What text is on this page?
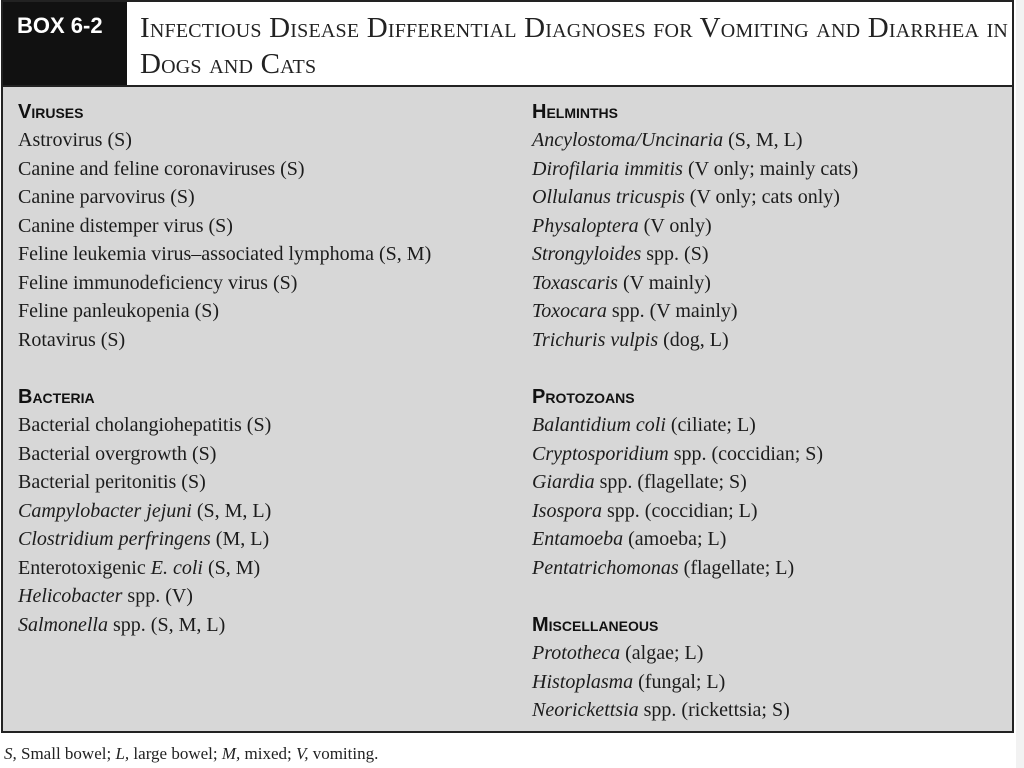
BOX 6-2	Infectious Disease Differential Diagnoses for Vomiting and Diarrhea in Dogs and Cats
Viruses
Astrovirus (S)
Canine and feline coronaviruses (S)
Canine parvovirus (S)
Canine distemper virus (S)
Feline leukemia virus–associated lymphoma (S, M)
Feline immunodeficiency virus (S)
Feline panleukopenia (S)
Rotavirus (S)
Bacteria
Bacterial cholangiohepatitis (S)
Bacterial overgrowth (S)
Bacterial peritonitis (S)
Campylobacter jejuni (S, M, L)
Clostridium perfringens (M, L)
Enterotoxigenic E. coli (S, M)
Helicobacter spp. (V)
Salmonella spp. (S, M, L)
Helminths
Ancylostoma/Uncinaria (S, M, L)
Dirofilaria immitis (V only; mainly cats)
Ollulanus tricuspis (V only; cats only)
Physaloptera (V only)
Strongyloides spp. (S)
Toxascaris (V mainly)
Toxocara spp. (V mainly)
Trichuris vulpis (dog, L)
Protozoans
Balantidium coli (ciliate; L)
Cryptosporidium spp. (coccidian; S)
Giardia spp. (flagellate; S)
Isospora spp. (coccidian; L)
Entamoeba (amoeba; L)
Pentatrichomonas (flagellate; L)
Miscellaneous
Prototheca (algae; L)
Histoplasma (fungal; L)
Neorickettsia spp. (rickettsia; S)
S, Small bowel; L, large bowel; M, mixed; V, vomiting.
